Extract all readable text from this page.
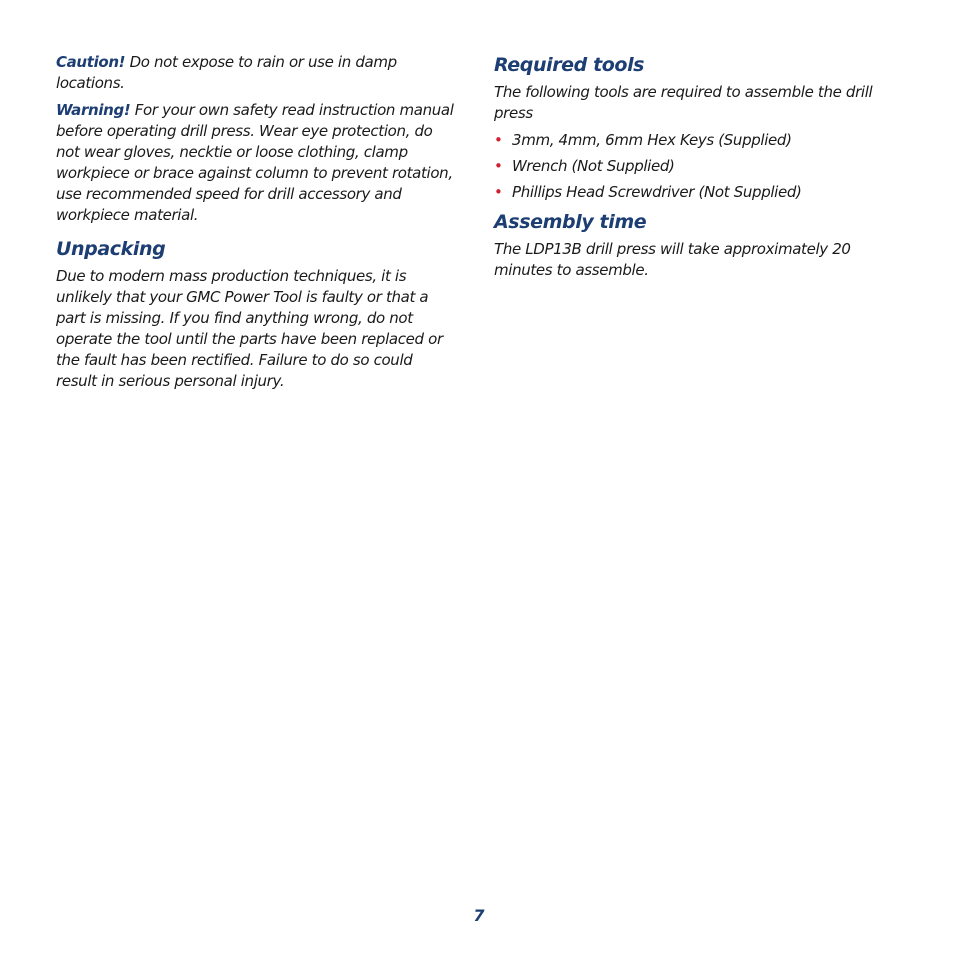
Caution! Do not expose to rain or use in damp locations.

Warning! For your own safety read instruction manual before operating drill press. Wear eye protection, do not wear gloves, necktie or loose clothing, clamp workpiece or brace against column to prevent rotation, use recommended speed for drill accessory and workpiece material.

Unpacking

Due to modern mass production techniques, it is unlikely that your GMC Power Tool is faulty or that a part is missing. If you find anything wrong, do not operate the tool until the parts have been replaced or the fault has been rectified. Failure to do so could result in serious personal injury.

Required tools

The following tools are required to assemble the drill press

• 3mm, 4mm, 6mm Hex Keys (Supplied)
• Wrench (Not Supplied)
• Phillips Head Screwdriver (Not Supplied)
Assembly time

The LDP13B drill press will take approximately 20 minutes to assemble.

7
